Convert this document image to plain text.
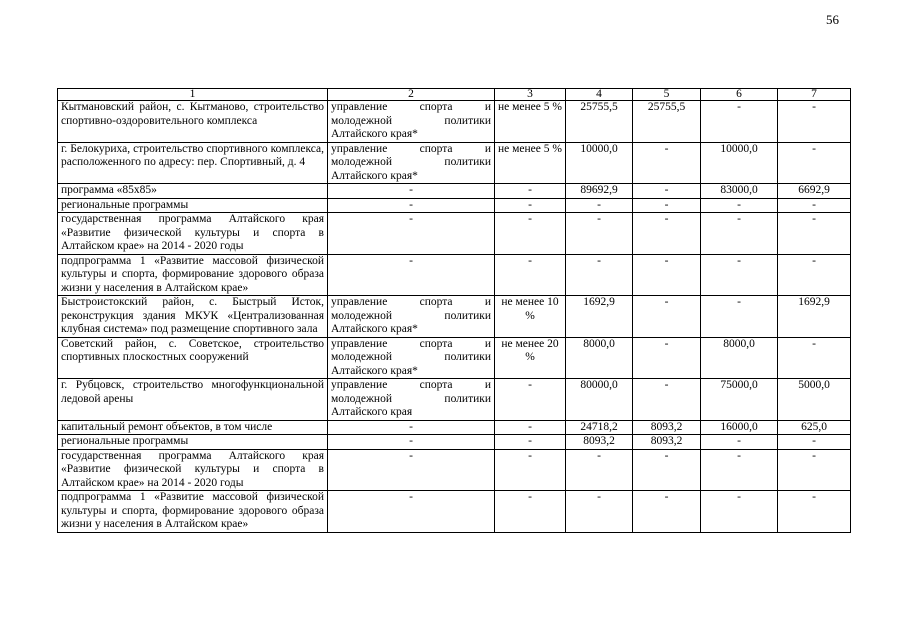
56
1	2	3	4	5	6	7
Кытмановский район, с. Кытманово, строительство спортивно-оздоровительного комплекса	управление спорта и молодежной политики Алтайского края*	не менее 5 %	25755,5	25755,5	-	-
г. Белокуриха, строительство спортивного комплекса, расположенного по адресу: пер. Спортивный, д. 4	управление спорта и молодежной политики Алтайского края*	не менее 5 %	10000,0	-	10000,0	-
программа «85x85»	-	-	89692,9	-	83000,0	6692,9
региональные программы	-	-	-	-	-	-
государственная программа Алтайского края «Развитие физической культуры и спорта в Алтайском крае» на 2014 - 2020 годы	-	-	-	-	-	-
подпрограмма 1 «Развитие массовой физической культуры и спорта, формирование здорового образа жизни у населения в Алтайском крае»	-	-	-	-	-	-
Быстроистокский район, с. Быстрый Исток, реконструкция здания МКУК «Централизованная клубная система» под размещение спортивного зала	управление спорта и молодежной политики Алтайского края*	не менее 10 %	1692,9	-	-	1692,9
Советский район, с. Советское, строительство спортивных плоскостных сооружений	управление спорта и молодежной политики Алтайского края*	не менее 20 %	8000,0	-	8000,0	-
г. Рубцовск, строительство многофункциональной ледовой арены	управление спорта и молодежной политики Алтайского края	-	80000,0	-	75000,0	5000,0
капитальный ремонт объектов, в том числе	-	-	24718,2	8093,2	16000,0	625,0
региональные программы	-	-	8093,2	8093,2	-	-
государственная программа Алтайского края «Развитие физической культуры и спорта в Алтайском крае» на 2014 - 2020 годы	-	-	-	-	-	-
подпрограмма 1 «Развитие массовой физической культуры и спорта, формирование здорового образа жизни у населения в Алтайском крае»	-	-	-	-	-	-
